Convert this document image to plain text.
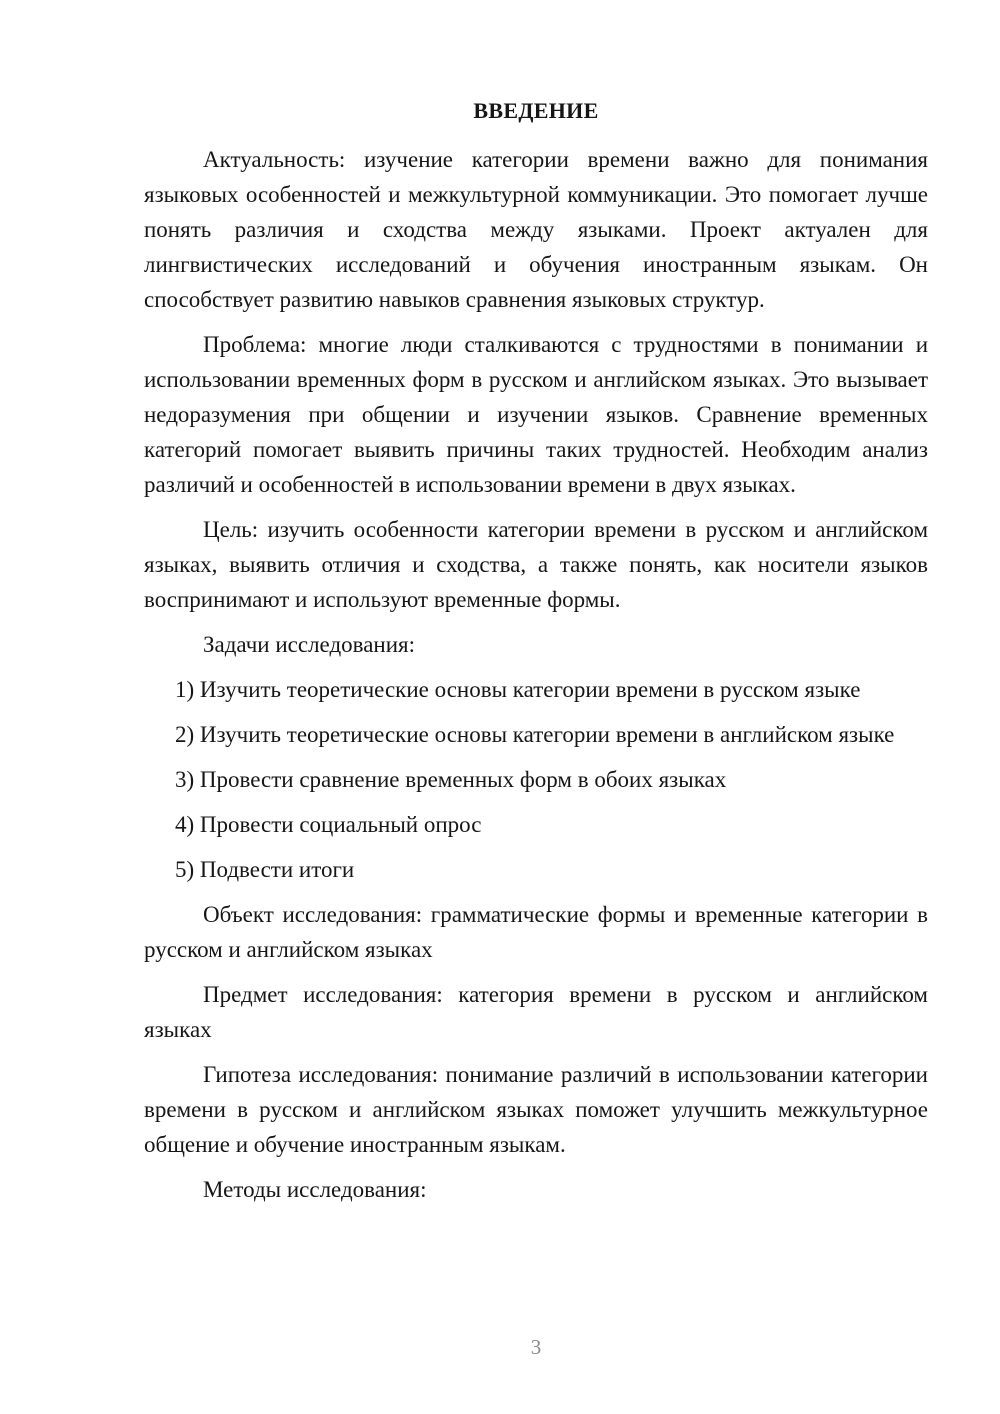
ВВЕДЕНИЕ

Актуальность: изучение категории времени важно для понимания языковых особенностей и межкультурной коммуникации. Это помогает лучше понять различия и сходства между языками. Проект актуален для лингвистических исследований и обучения иностранным языкам. Он способствует развитию навыков сравнения языковых структур.

Проблема: многие люди сталкиваются с трудностями в понимании и использовании временных форм в русском и английском языках. Это вызывает недоразумения при общении и изучении языков. Сравнение временных категорий помогает выявить причины таких трудностей. Необходим анализ различий и особенностей в использовании времени в двух языках.

Цель: изучить особенности категории времени в русском и английском языках, выявить отличия и сходства, а также понять, как носители языков воспринимают и используют временные формы.

Задачи исследования:

1) Изучить теоретические основы категории времени в русском языке

2) Изучить теоретические основы категории времени в английском языке

3) Провести сравнение временных форм в обоих языках

4) Провести социальный опрос

5) Подвести итоги

Объект исследования: грамматические формы и временные категории в русском и английском языках

Предмет исследования: категория времени в русском и английском языках

Гипотеза исследования: понимание различий в использовании категории времени в русском и английском языках поможет улучшить межкультурное общение и обучение иностранным языкам.

Методы исследования:

3
